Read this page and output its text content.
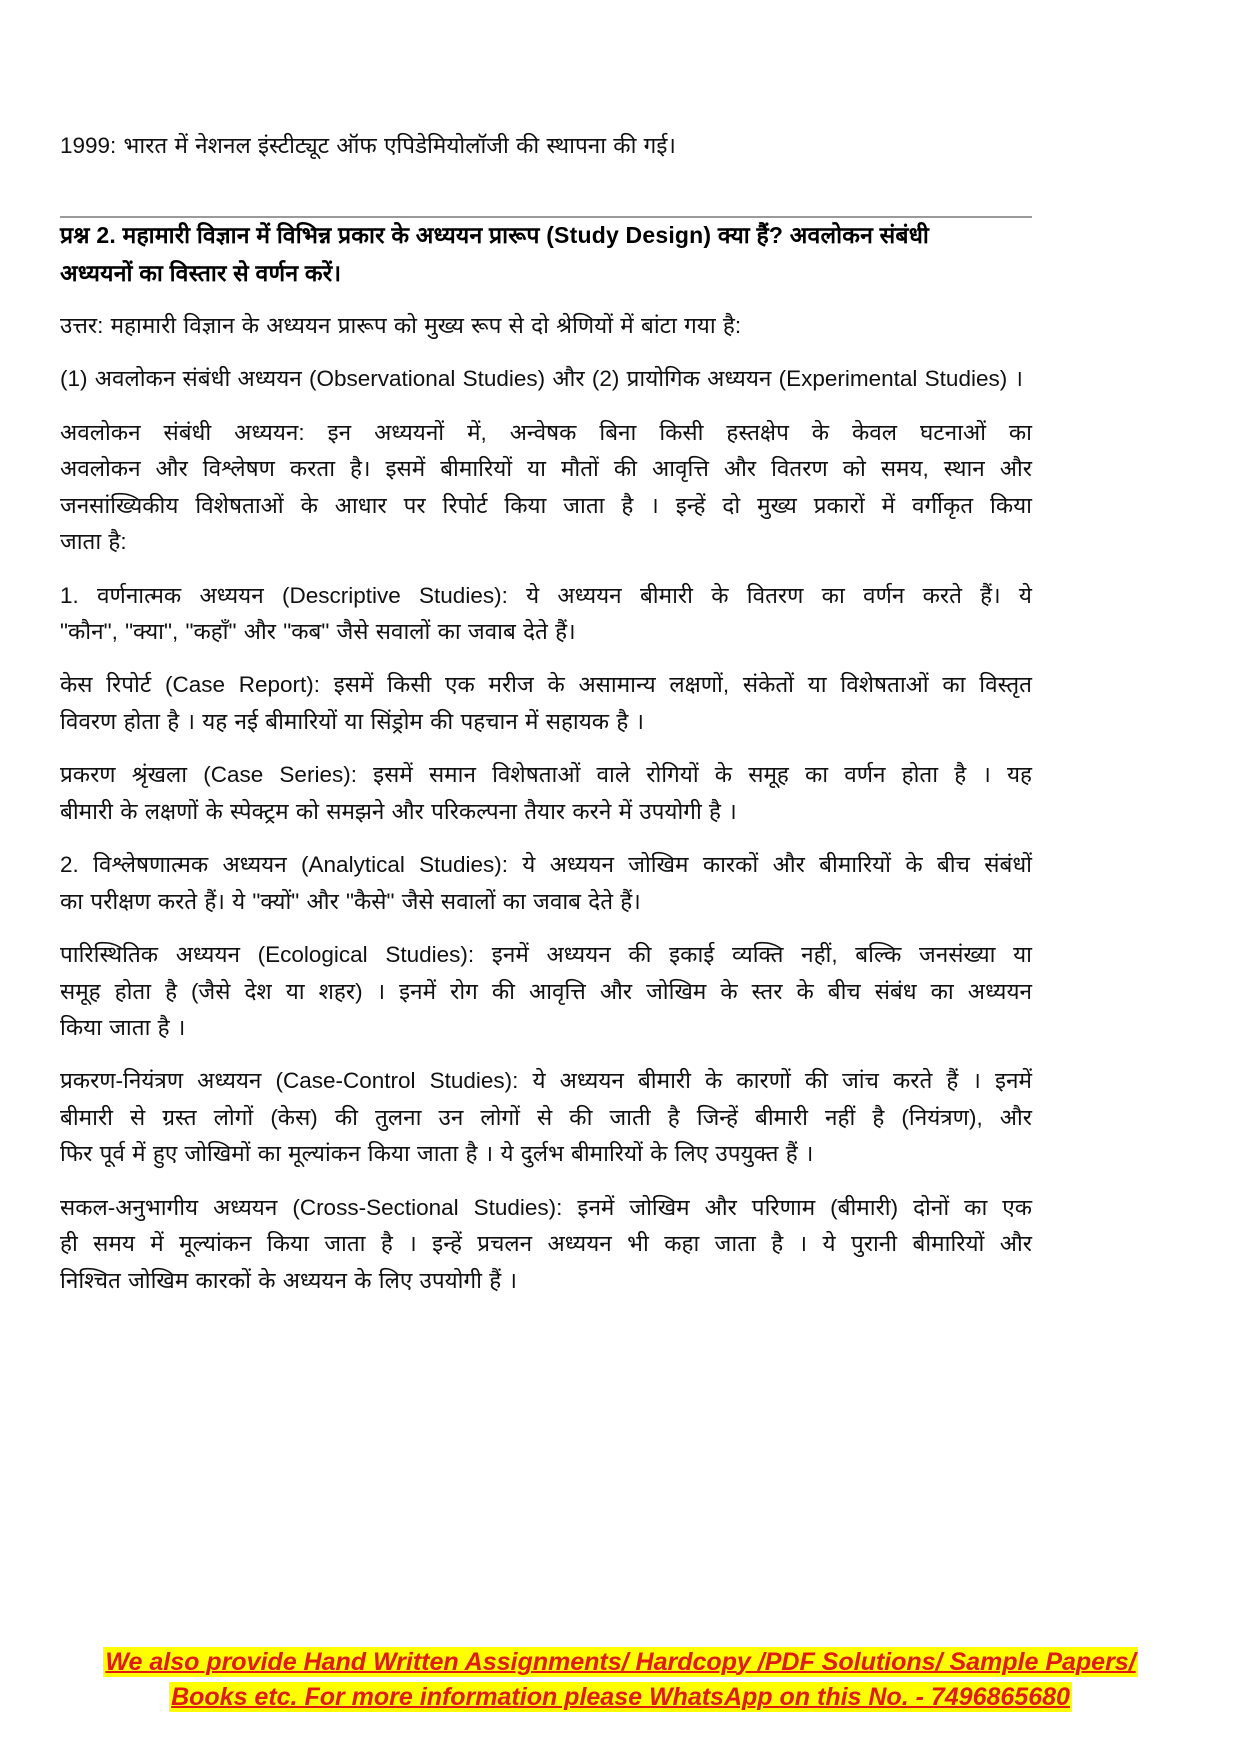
1999: भारत में नेशनल इंस्टीट्यूट ऑफ एपिडेमियोलॉजी की स्थापना की गई।

प्रश्न 2. महामारी विज्ञान में विभिन्न प्रकार के अध्ययन प्रारूप (Study Design) क्या हैं? अवलोकन संबंधी
अध्ययनों का विस्तार से वर्णन करें।
उत्तर: महामारी विज्ञान के अध्ययन प्रारूप को मुख्य रूप से दो श्रेणियों में बांटा गया है:
(1) अवलोकन संबंधी अध्ययन (Observational Studies) और (2) प्रायोगिक अध्ययन (Experimental Studies) ।
अवलोकन संबंधी अध्ययन: इन अध्ययनों में, अन्वेषक बिना किसी हस्तक्षेप के केवल घटनाओं का
अवलोकन और विश्लेषण करता है। इसमें बीमारियों या मौतों की आवृत्ति और वितरण को समय, स्थान और
जनसांख्यिकीय विशेषताओं के आधार पर रिपोर्ट किया जाता है । इन्हें दो मुख्य प्रकारों में वर्गीकृत किया
जाता है:
1. वर्णनात्मक अध्ययन (Descriptive Studies): ये अध्ययन बीमारी के वितरण का वर्णन करते हैं। ये
"कौन", "क्या", "कहाँ" और "कब" जैसे सवालों का जवाब देते हैं।
केस रिपोर्ट (Case Report): इसमें किसी एक मरीज के असामान्य लक्षणों, संकेतों या विशेषताओं का विस्तृत
विवरण होता है । यह नई बीमारियों या सिंड्रोम की पहचान में सहायक है ।
प्रकरण श्रृंखला (Case Series): इसमें समान विशेषताओं वाले रोगियों के समूह का वर्णन होता है । यह
बीमारी के लक्षणों के स्पेक्ट्रम को समझने और परिकल्पना तैयार करने में उपयोगी है ।
2. विश्लेषणात्मक अध्ययन (Analytical Studies): ये अध्ययन जोखिम कारकों और बीमारियों के बीच संबंधों
का परीक्षण करते हैं। ये "क्यों" और "कैसे" जैसे सवालों का जवाब देते हैं।
पारिस्थितिक अध्ययन (Ecological Studies): इनमें अध्ययन की इकाई व्यक्ति नहीं, बल्कि जनसंख्या या
समूह होता है (जैसे देश या शहर) । इनमें रोग की आवृत्ति और जोखिम के स्तर के बीच संबंध का अध्ययन
किया जाता है ।
प्रकरण-नियंत्रण अध्ययन (Case-Control Studies): ये अध्ययन बीमारी के कारणों की जांच करते हैं । इनमें
बीमारी से ग्रस्त लोगों (केस) की तुलना उन लोगों से की जाती है जिन्हें बीमारी नहीं है (नियंत्रण), और
फिर पूर्व में हुए जोखिमों का मूल्यांकन किया जाता है । ये दुर्लभ बीमारियों के लिए उपयुक्त हैं ।
सकल-अनुभागीय अध्ययन (Cross-Sectional Studies): इनमें जोखिम और परिणाम (बीमारी) दोनों का एक
ही समय में मूल्यांकन किया जाता है । इन्हें प्रचलन अध्ययन भी कहा जाता है । ये पुरानी बीमारियों और
निश्चित जोखिम कारकों के अध्ययन के लिए उपयोगी हैं ।
We also provide Hand Written Assignments/ Hardcopy /PDF Solutions/ Sample Papers/
Books etc. For more information please WhatsApp on this No. - 7496865680
